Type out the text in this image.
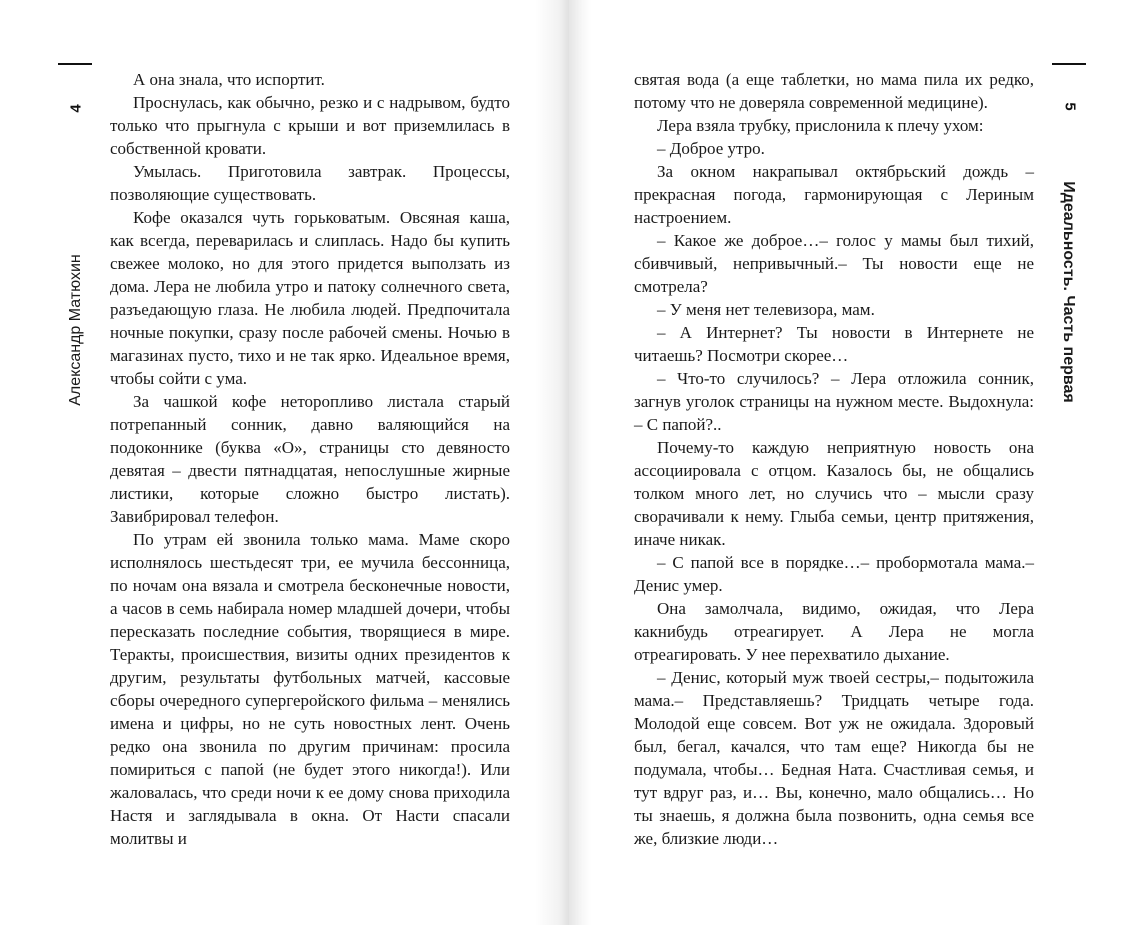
4	5
Александр Матюхин	Идеальность. Часть первая

А она знала, что испортит.

Проснулась, как обычно, резко и с надрывом, будто только что прыгнула с крыши и вот приземлилась в собственной кровати.

Умылась. Приготовила завтрак. Процессы, позволяющие существовать.

Кофе оказался чуть горьковатым. Овсяная каша, как всегда, переварилась и слиплась. Надо бы купить свежее молоко, но для этого придется выползать из дома. Лера не любила утро и патоку солнечного света, разъедающую глаза. Не любила людей. Предпочитала ночные покупки, сразу после рабочей смены. Ночью в магазинах пусто, тихо и не так ярко. Идеальное время, чтобы сойти с ума.

За чашкой кофе неторопливо листала старый потрепанный сонник, давно валяющийся на подоконнике (буква «О», страницы сто девяносто девятая – двести пятнадцатая, непослушные жирные листики, которые сложно быстро листать). Завибрировал телефон.

По утрам ей звонила только мама. Маме скоро исполнялось шестьдесят три, ее мучила бессонница, по ночам она вязала и смотрела бесконечные новости, а часов в семь набирала номер младшей дочери, чтобы пересказать последние события, творящиеся в мире. Теракты, происшествия, визиты одних президентов к другим, результаты футбольных матчей, кассовые сборы очередного супергеройского фильма – менялись имена и цифры, но не суть новостных лент. Очень редко она звонила по другим причинам: просила помириться с папой (не будет этого никогда!). Или жаловалась, что среди ночи к ее дому снова приходила Настя и заглядывала в окна. От Насти спасали молитвы и

святая вода (а еще таблетки, но мама пила их редко, потому что не доверяла современной медицине).

Лера взяла трубку, прислонила к плечу ухом:

– Доброе утро.

За окном накрапывал октябрьский дождь – прекрасная погода, гармонирующая с Лериным настроением.

– Какое же доброе…– голос у мамы был тихий, сбивчивый, непривычный.– Ты новости еще не смотрела?

– У меня нет телевизора, мам.

– А Интернет? Ты новости в Интернете не читаешь? Посмотри скорее…

– Что-то случилось? – Лера отложила сонник, загнув уголок страницы на нужном месте. Выдохнула: – С папой?..

Почему-то каждую неприятную новость она ассоциировала с отцом. Казалось бы, не общались толком много лет, но случись что – мысли сразу сворачивали к нему. Глыба семьи, центр притяжения, иначе никак.

– С папой все в порядке…– пробормотала мама.– Денис умер.

Она замолчала, видимо, ожидая, что Лера какнибудь отреагирует. А Лера не могла отреагировать. У нее перехватило дыхание.

– Денис, который муж твоей сестры,– подытожила мама.– Представляешь? Тридцать четыре года. Молодой еще совсем. Вот уж не ожидала. Здоровый был, бегал, качался, что там еще? Никогда бы не подумала, чтобы… Бедная Ната. Счастливая семья, и тут вдруг раз, и… Вы, конечно, мало общались… Но ты знаешь, я должна была позвонить, одна семья все же, близкие люди…
